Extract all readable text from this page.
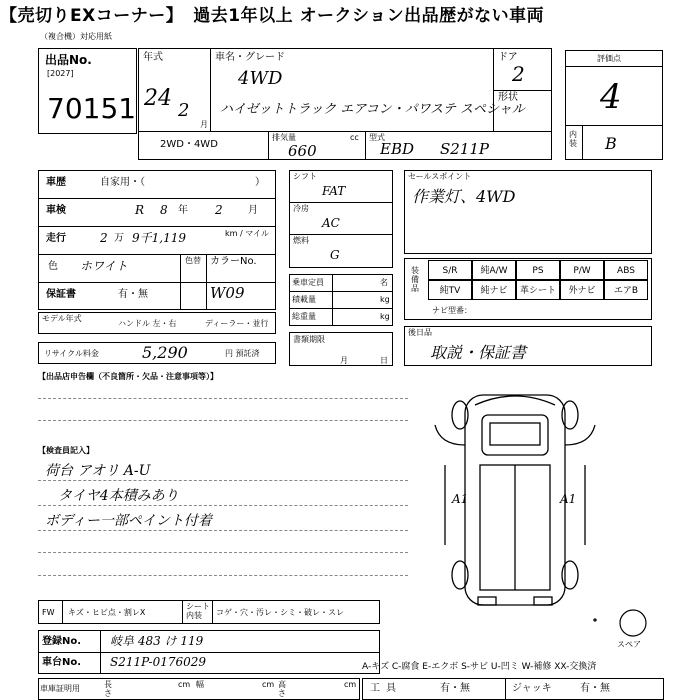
【売切りEXコーナー】 過去1年以上 オークション出品歴がない車両
（複合機）対応用紙
出品No.
[2027]
70151
年式
24 2
月
車名・グレード
4WD
ハイゼットトラック エアコン・パワステ スペシャル
ドア
2
形状
評価点
4
内装 B
2WD・4WD
排気量	cc
660
型式
EBD S211P
車歴	自家用・（	）
車検	R 8 年 2	月
走行	2 万 9千1,119	km / マイル
色 ホワイト	色替 カラーNo.
保証書	有・無	W09
モデル年式
ハンドル 左・右	ディーラー・並行
リサイクル料金	5,290	円 預託済
シフト
FAT
冷房
AC
燃料
G
乗車定員	名
積載量	kg
総重量	kg
書類期限
月	日
セールスポイント
作業灯、4WD
装備品
S/R	純A/W	PS	P/W	ABS
純TV	純ナビ	革シート	外ナビ	エアB
ナビ型番：
後日品
取説・保証書
【出品店申告欄（不良箇所・欠品・注意事項等）】
【検査員記入】
荷台 アオリ A-U
タイヤ4本積みあり
ボディー一部ペイント付着
A1	A1
スペア
FW キズ・ヒビ点・割レX
シート内装	コゲ・穴・汚レ・シミ・破レ・スレ
登録No. 岐阜 483 け 119
車台No. S211P-0176029	A-キズ C-腐食 E-エクボ S-サビ U-凹ミ W-補修 XX-交換済
車庫証明用	長さ
cm 幅	cm 高さ
cm 工具	有・無	ジャッキ	有・無
